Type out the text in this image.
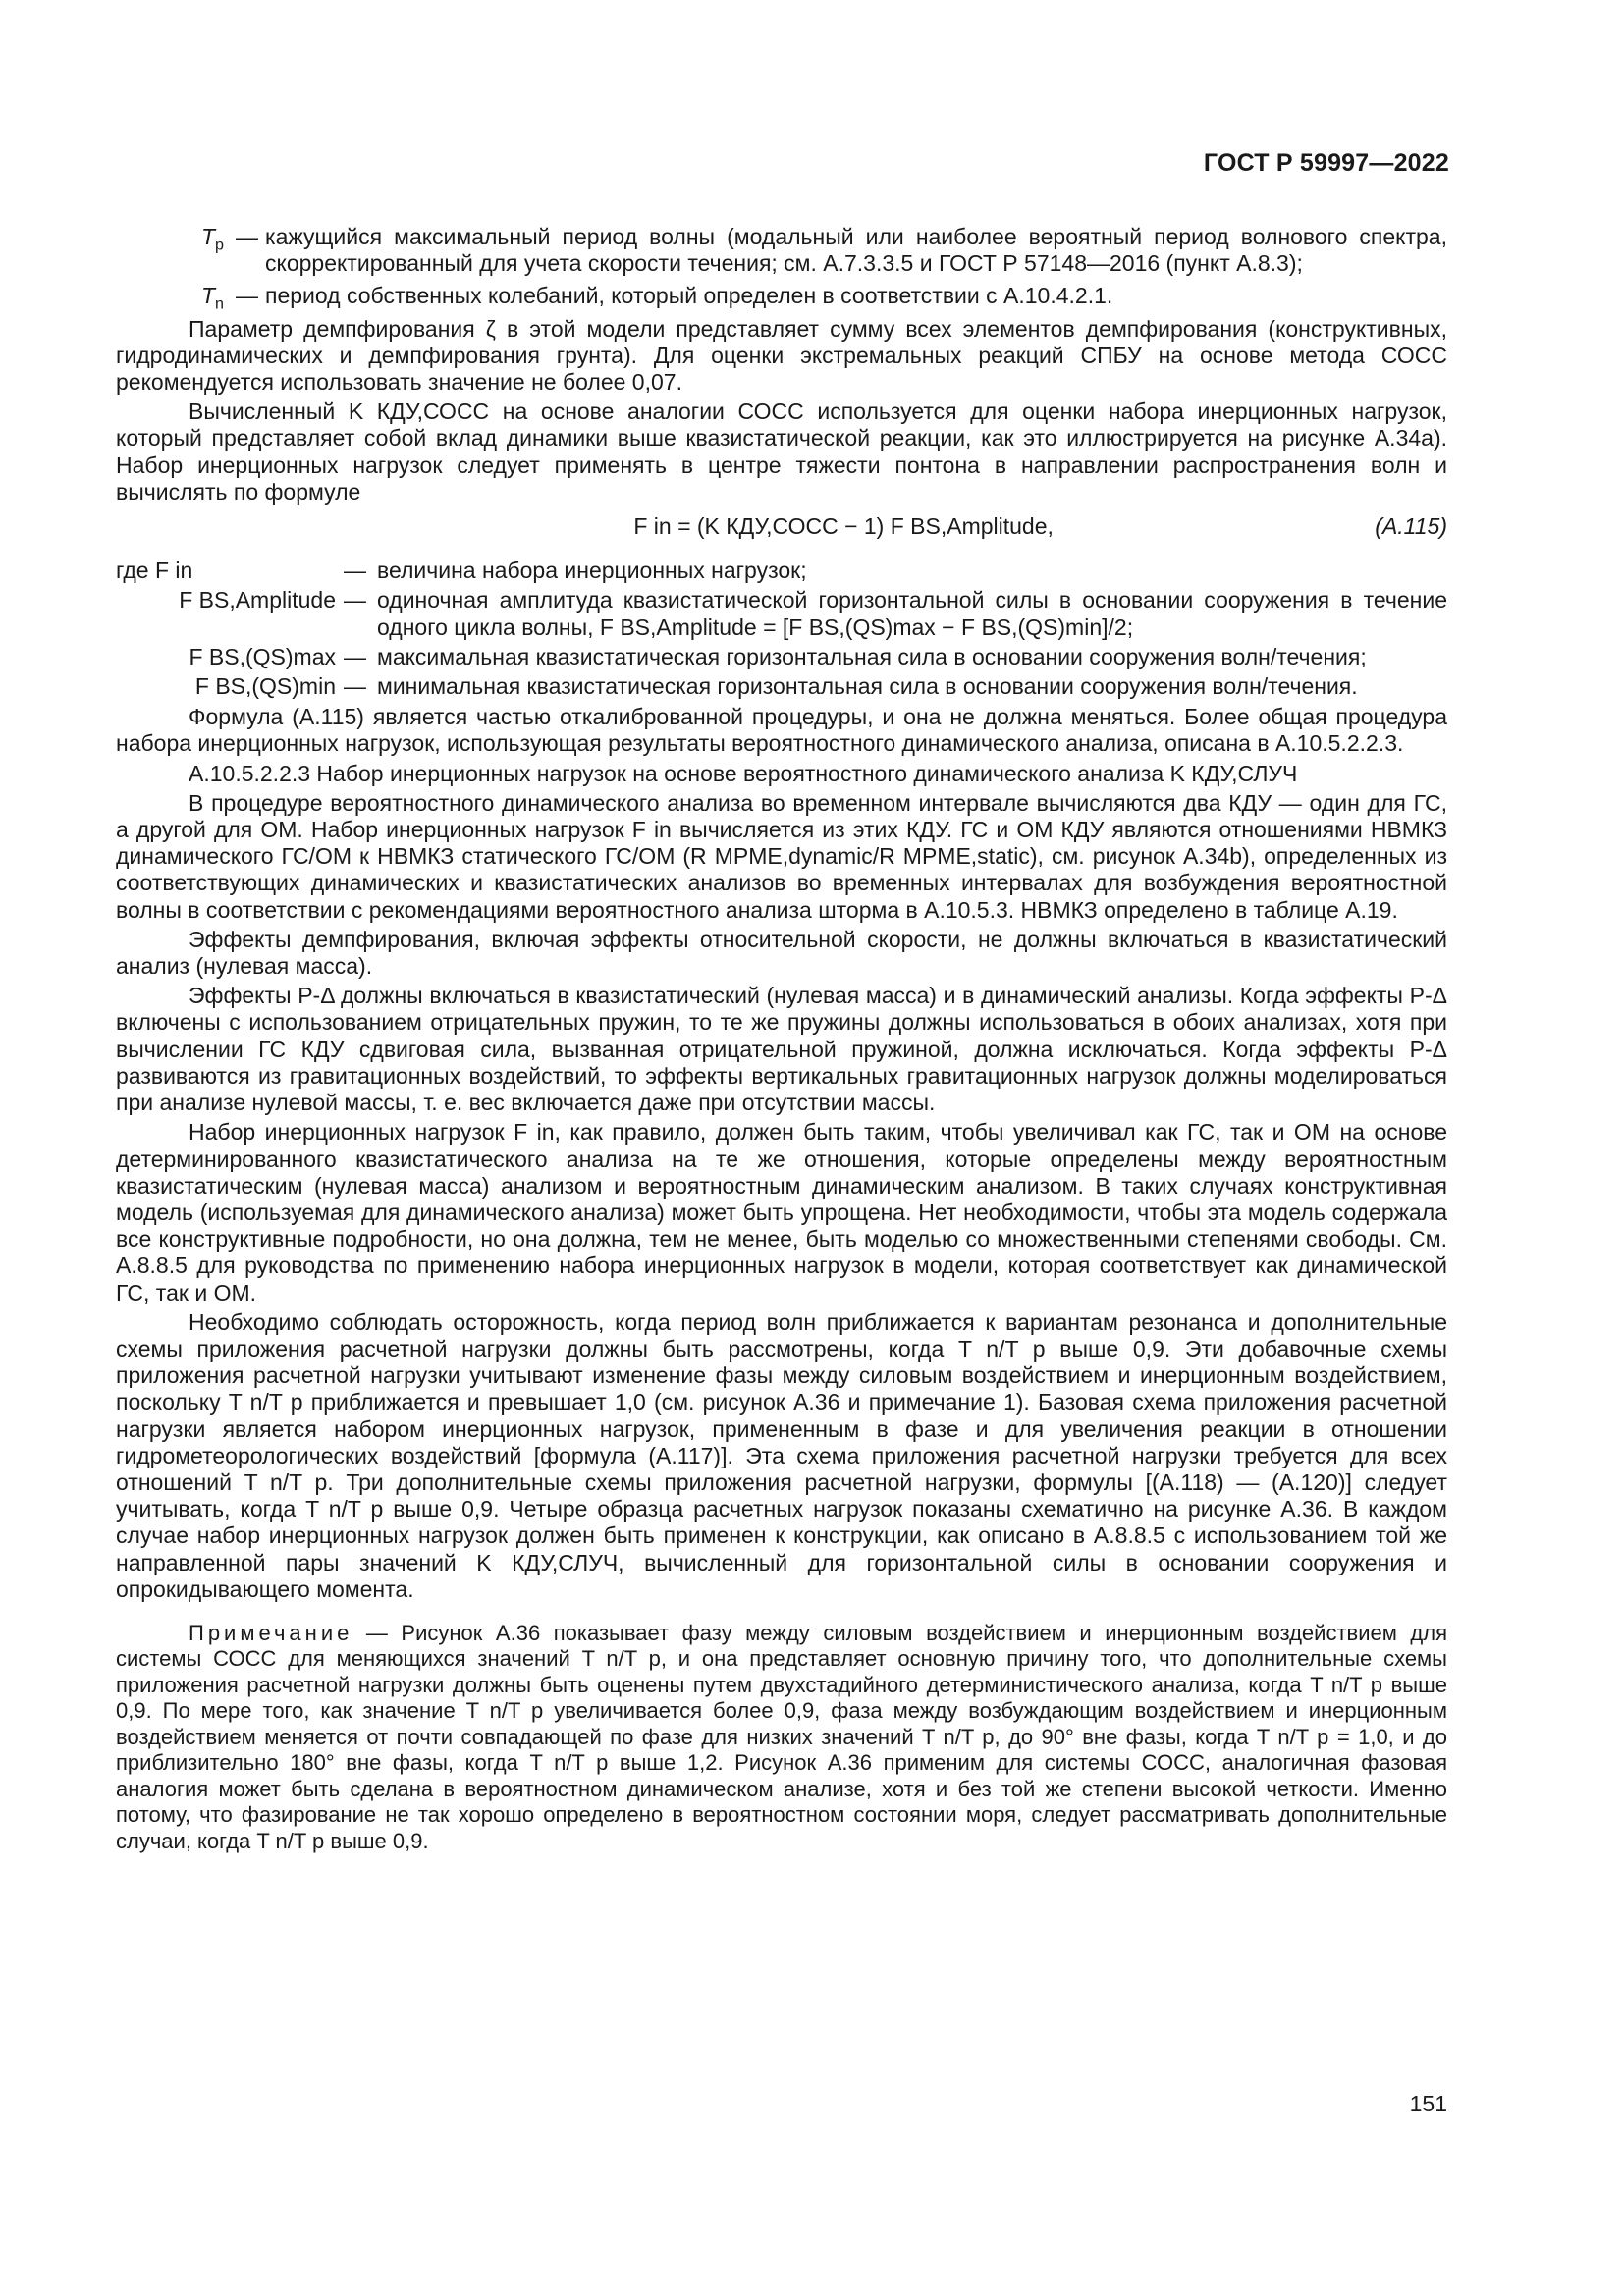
ГОСТ Р 59997—2022
$T_p$ — кажущийся максимальный период волны (модальный или наиболее вероятный период волнового спектра, скорректированный для учета скорости течения; см. А.7.3.3.5 и ГОСТ Р 57148—2016 (пункт А.8.3);
$T_n$ — период собственных колебаний, который определен в соответствии с А.10.4.2.1.

Параметр демпфирования ζ в этой модели представляет сумму всех элементов демпфирования (конструктивных, гидродинамических и демпфирования грунта). Для оценки экстремальных реакций СПБУ на основе метода СОСС рекомендуется использовать значение не более 0,07.

Вычисленный K КДУ,СОСС на основе аналогии СОСС используется для оценки набора инерционных нагрузок, который представляет собой вклад динамики выше квазистатической реакции, как это иллюстрируется на рисунке А.34а). Набор инерционных нагрузок следует применять в центре тяжести понтона в направлении распространения волн и вычислять по формуле

F in = (K КДУ,СОСС − 1) F BS,Amplitude,	(А.115)
где F in	— величина набора инерционных нагрузок;
F BS,Amplitude — одиночная амплитуда квазистатической горизонтальной силы в основании сооружения в течение одного цикла волны, F BS,Amplitude = [F BS,(QS)max − F BS,(QS)min]/2;
F BS,(QS)max — максимальная квазистатическая горизонтальная сила в основании сооружения волн/течения;
F BS,(QS)min — минимальная квазистатическая горизонтальная сила в основании сооружения волн/течения.

Формула (А.115) является частью откалиброванной процедуры, и она не должна меняться. Более общая процедура набора инерционных нагрузок, использующая результаты вероятностного динамического анализа, описана в А.10.5.2.2.3.

А.10.5.2.2.3 Набор инерционных нагрузок на основе вероятностного динамического анализа K КДУ,СЛУЧ

В процедуре вероятностного динамического анализа во временном интервале вычисляются два КДУ — один для ГС, а другой для ОМ. Набор инерционных нагрузок F in вычисляется из этих КДУ. ГС и ОМ КДУ являются отношениями НВМКЗ динамического ГС/ОМ к НВМКЗ статического ГС/ОМ (R MPME,dynamic/R MPME,static), см. рисунок А.34b), определенных из соответствующих динамических и квазистатических анализов во временных интервалах для возбуждения вероятностной волны в соответствии с рекомендациями вероятностного анализа шторма в А.10.5.3. НВМКЗ определено в таблице А.19.

Эффекты демпфирования, включая эффекты относительной скорости, не должны включаться в квазистатический анализ (нулевая масса).

Эффекты P-Δ должны включаться в квазистатический (нулевая масса) и в динамический анализы. Когда эффекты P-Δ включены с использованием отрицательных пружин, то те же пружины должны использоваться в обоих анализах, хотя при вычислении ГС КДУ сдвиговая сила, вызванная отрицательной пружиной, должна исключаться. Когда эффекты P-Δ развиваются из гравитационных воздействий, то эффекты вертикальных гравитационных нагрузок должны моделироваться при анализе нулевой массы, т. е. вес включается даже при отсутствии массы.

Набор инерционных нагрузок F in, как правило, должен быть таким, чтобы увеличивал как ГС, так и ОМ на основе детерминированного квазистатического анализа на те же отношения, которые определены между вероятностным квазистатическим (нулевая масса) анализом и вероятностным динамическим анализом. В таких случаях конструктивная модель (используемая для динамического анализа) может быть упрощена. Нет необходимости, чтобы эта модель содержала все конструктивные подробности, но она должна, тем не менее, быть моделью со множественными степенями свободы. См. А.8.8.5 для руководства по применению набора инерционных нагрузок в модели, которая соответствует как динамической ГС, так и ОМ.

Необходимо соблюдать осторожность, когда период волн приближается к вариантам резонанса и дополнительные схемы приложения расчетной нагрузки должны быть рассмотрены, когда T n/T p выше 0,9. Эти добавочные схемы приложения расчетной нагрузки учитывают изменение фазы между силовым воздействием и инерционным воздействием, поскольку T n/T p приближается и превышает 1,0 (см. рисунок А.36 и примечание 1). Базовая схема приложения расчетной нагрузки является набором инерционных нагрузок, примененным в фазе и для увеличения реакции в отношении гидрометеорологических воздействий [формула (А.117)]. Эта схема приложения расчетной нагрузки требуется для всех отношений T n/T p. Три дополнительные схемы приложения расчетной нагрузки, формулы [(А.118) — (А.120)] следует учитывать, когда T n/T p выше 0,9. Четыре образца расчетных нагрузок показаны схематично на рисунке А.36. В каждом случае набор инерционных нагрузок должен быть применен к конструкции, как описано в А.8.8.5 с использованием той же направленной пары значений K КДУ,СЛУЧ, вычисленный для горизонтальной силы в основании сооружения и опрокидывающего момента.

Примечание — Рисунок А.36 показывает фазу между силовым воздействием и инерционным воздействием для системы СОСС для меняющихся значений T n/T p, и она представляет основную причину того, что дополнительные схемы приложения расчетной нагрузки должны быть оценены путем двухстадийного детерминистического анализа, когда T n/T p выше 0,9. По мере того, как значение T n/T p увеличивается более 0,9, фаза между возбуждающим воздействием и инерционным воздействием меняется от почти совпадающей по фазе для низких значений T n/T p, до 90° вне фазы, когда T n/T p = 1,0, и до приблизительно 180° вне фазы, когда T n/T p выше 1,2. Рисунок А.36 применим для системы СОСС, аналогичная фазовая аналогия может быть сделана в вероятностном динамическом анализе, хотя и без той же степени высокой четкости. Именно потому, что фазирование не так хорошо определено в вероятностном состоянии моря, следует рассматривать дополнительные случаи, когда T n/T p выше 0,9.

151
